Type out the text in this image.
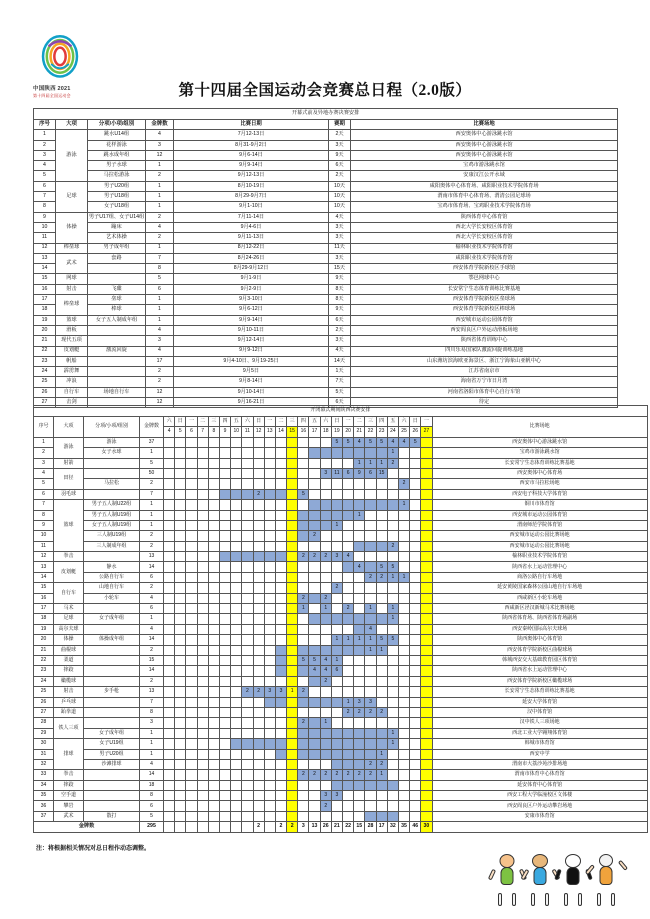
中国陕西 2021
第十四届全国运动会	第十四届全国运动会竞赛总日程（2.0版）
开幕式前及异地办赛决赛安排						
序号	大项	分项/小项/组别	金牌数	比赛日期	赛期	比赛场地
1	游泳	跳水U14组	4	7月12-13日	2天	西安奥体中心游泳跳水馆
2		花样游泳	3	8月31-9月2日	3天	西安奥体中心游泳跳水馆
3		跳水成年组	12	9月6-14日	9天	西安奥体中心游泳跳水馆
4		男子水球	1	9月9-14日	6天	宝鸡市游泳跳水馆
5		马拉松游泳	2	9月12-13日	2天	安康汉江公开水域
6	足球	男子U20组	1	8月10-19日	10天	咸阳奥体中心体育场、咸阳职业技术学院体育场
7		男子U18组	1	8月29-9月7日	10天	渭南市体育中心体育场、渭清公园足球场
8		女子U18组	1	9月1-10日	10天	宝鸡市体育场、宝鸡职业技术学院体育场
9	体操	男子U17组、女子U14组	2	7月11-14日	4天	陕西体育中心体育馆
10		蹦床	4	9月4-6日	3天	西北大学长安校区体育馆
11		艺术体操	2	9月11-13日	3天	西北大学长安校区体育馆
12	棒垒球	男子成年组	1	8月12-22日	11天	榆林职业技术学院体育馆
13	武术	套路	7	8月24-26日	3天	咸阳职业技术学院体育馆
14			8	8月29-9月12日	15天	西安体育学院新校区手球馆
15	网球		5	9月1-9日	9天	鄠邑网球中心
16	射击	飞碟	6	9月2-9日	8天	长安常宁生态体育训练比赛基地
17	棒垒球	垒球	1	9月3-10日	8天	西安体育学院新校区垒球场
18		棒球	1	9月6-12日	9天	西安体育学院新校区棒球场
19	篮球	女子五人制成年组	1	9月9-14日	6天	西安城市运动公园体育馆
20	滑板		4	9月10-11日	2天	西安阎良区户外运动滑板场地
21	现代五项		3	9月12-14日	3天	陕西省体育训练中心
22	皮划艇	激流回旋	4	9月9-12日	4天	四川乐易国家队激流回旋训练基地
23	帆船		17	9月4-10日、9月19-25日	14天	山东潍坊滨海欧亚海景区、浙江宁海象山亚帆中心
24	霹雳舞		2	9月5日	1天	江苏省南京市
25	冲浪		2	9月8-14日	7天	海南省万宁市日月湾
26	自行车	场地自行车	12	9月10-14日	5天	河南省洛阳市体育中心自行车馆
27	击剑		12	9月16-21日	6天	待定
开闭幕式期间陕西决赛安排																												
序号	大项	分项/小项/组别	金牌数	六	日	一	二	三	四	五	六	日	一	二	三	四	五	六	日	一	二	三	四	五	六	日	一	比赛场地
				4	5	6	7	8	9	10	11	12	13	14	15	16	17	18	19	20	21	22	23	24	25	26	27	
1	游泳	游泳	37																5	5	4	5	5	4	4	5		西安奥体中心游泳跳水馆
2		女子水球	1																					1				宝鸡市游泳跳水馆
3	射箭		5																		1	1	1	2				长安常宁生态体育训练比赛基地
4	田径		50															3	11	6	9	6	15					西安奥体中心体育场
5		马拉松	2																						2			西安市马拉松场地
6	羽毛球		7									2				5												西安电子科技大学体育馆
7	篮球	男子五人制U22组	1																						1			铜川市体育馆
8		男子五人制U19组	1																		1							西安城市运动公园体育馆
9		女子五人制U19组	1																1									渭南师范学院体育馆
10		三人制U19组	2														2											西安城市运动公园比赛场地
11		三人制成年组	2																					2				西安城市运动公园比赛场地
12	拳击		13													2	2	2	3	4								榆林职业技术学院体育馆
13	皮划艇	静水	14																		4		5	5				陕西省水上运动管理中心
14		公路自行车	6																			2	2	1	1			商洛公路自行车场地
15	自行车	山地自行车	2																2									延安黄陵国家森林公园山地自行车场地
16		小轮车	4													2		2										西咸新区小轮车场地
17	马术		6													1		1		2		1		1				西咸新区泾汉新城马术比赛场地
18	足球	女子成年组	1																					1				陕西省体育场、陕西省体育场副场
19	高尔夫球		4																			4						西安秦岭国际高尔夫球场
20	体操	体操成年组	14																1	1	1	1	5	5				陕西奥体中心体育馆
21	曲棍球		2																			1	1					西安体育学院新校区曲棍球场
22	柔道		15													5	5	4	1									韩城西安交大基础教育园区体育馆
23	摔跤		14														4	4	6									陕西省水上运动管理中心
24	橄榄球		2															2										西安体育学院新校区橄榄球场
25	射击	步手枪	13								2	2	3	3	1	2												长安常宁生态体育训练比赛基地
26	乒乓球		7																	1	3	3						延安大学体育馆
27	跆拳道		8																	2	2	2	2					汉中体育馆
28	铁人三项		3													2		1										汉中铁人三项场地
29		女子成年组	1																					1				西北工业大学翱翔体育馆
30	排球	女子U19组	1																					1				韩城市体育馆
31		男子U20组	1																				1					西安中学
32		沙滩排球	4																			2	2					渭南市大荔沙苑沙排场地
33	拳击		14													2	2	2	2	2	2	2	1					渭南市体育中心体育馆
34	摔跤		18																									延安体育中心体育馆
35	空手道		8															3	3									西安工程大学临潼校区文体楼
36	攀岩		6															2										西安阎良区户外运动攀岩场地
37	武术	散打	5																									安康市体育馆
金牌数			295									2		2	2	3	13	26	21	22	15	28	17	32	35	46	30	
注：将根据相关情况对总日程作动态调整。
